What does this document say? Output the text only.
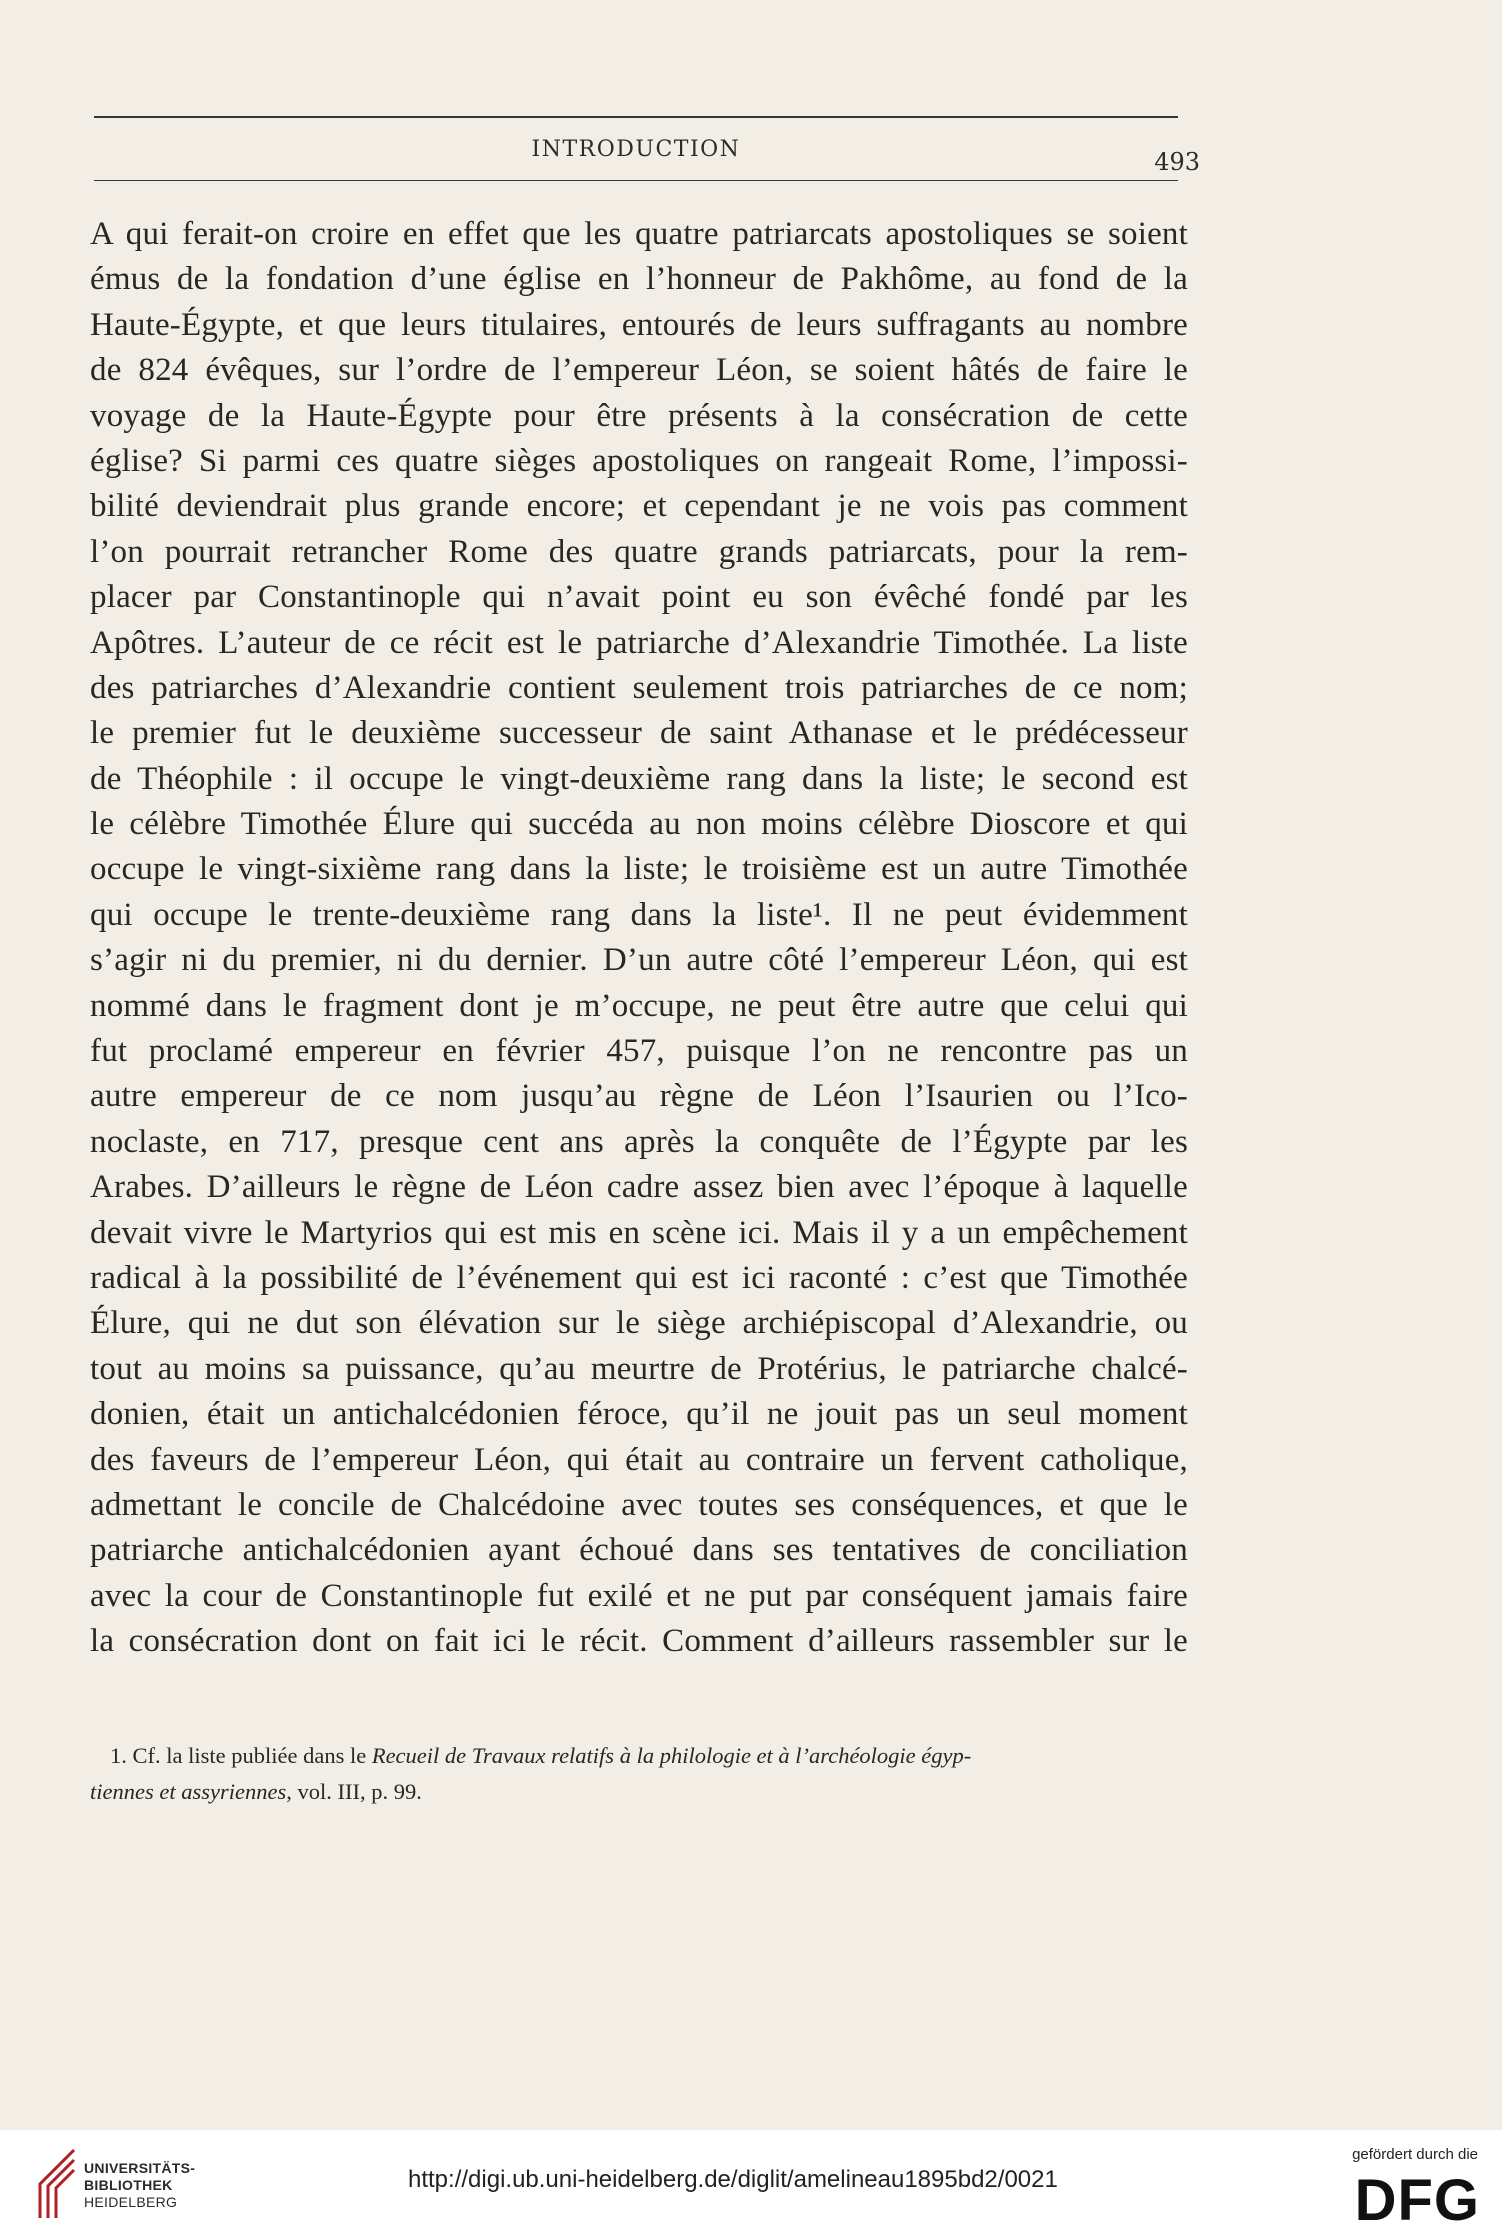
INTRODUCTION	493
A qui ferait-on croire en effet que les quatre patriarcats apostoliques se soient
émus de la fondation d’une église en l’honneur de Pakhôme, au fond de la
Haute-Égypte, et que leurs titulaires, entourés de leurs suffragants au nombre
de 824 évêques, sur l’ordre de l’empereur Léon, se soient hâtés de faire le
voyage de la Haute-Égypte pour être présents à la consécration de cette
église? Si parmi ces quatre sièges apostoliques on rangeait Rome, l’impossi-
bilité deviendrait plus grande encore; et cependant je ne vois pas comment
l’on pourrait retrancher Rome des quatre grands patriarcats, pour la rem-
placer par Constantinople qui n’avait point eu son évêché fondé par les
Apôtres. L’auteur de ce récit est le patriarche d’Alexandrie Timothée. La liste
des patriarches d’Alexandrie contient seulement trois patriarches de ce nom;
le premier fut le deuxième successeur de saint Athanase et le prédécesseur
de Théophile : il occupe le vingt-deuxième rang dans la liste; le second est
le célèbre Timothée Élure qui succéda au non moins célèbre Dioscore et qui
occupe le vingt-sixième rang dans la liste; le troisième est un autre Timothée
qui occupe le trente-deuxième rang dans la liste¹. Il ne peut évidemment
s’agir ni du premier, ni du dernier. D’un autre côté l’empereur Léon, qui est
nommé dans le fragment dont je m’occupe, ne peut être autre que celui qui
fut proclamé empereur en février 457, puisque l’on ne rencontre pas un
autre empereur de ce nom jusqu’au règne de Léon l’Isaurien ou l’Ico-
noclaste, en 717, presque cent ans après la conquête de l’Égypte par les
Arabes. D’ailleurs le règne de Léon cadre assez bien avec l’époque à laquelle
devait vivre le Martyrios qui est mis en scène ici. Mais il y a un empêchement
radical à la possibilité de l’événement qui est ici raconté : c’est que Timothée
Élure, qui ne dut son élévation sur le siège archiépiscopal d’Alexandrie, ou
tout au moins sa puissance, qu’au meurtre de Protérius, le patriarche chalcé-
donien, était un antichalcédonien féroce, qu’il ne jouit pas un seul moment
des faveurs de l’empereur Léon, qui était au contraire un fervent catholique,
admettant le concile de Chalcédoine avec toutes ses conséquences, et que le
patriarche antichalcédonien ayant échoué dans ses tentatives de conciliation
avec la cour de Constantinople fut exilé et ne put par conséquent jamais faire
la consécration dont on fait ici le récit. Comment d’ailleurs rassembler sur le
1. Cf. la liste publiée dans le Recueil de Travaux relatifs à la philologie et à l’archéologie égyp-
tiennes et assyriennes, vol. III, p. 99.
UNIVERSITÄTS-
BIBLIOTHEK
HEIDELBERG
http://digi.ub.uni-heidelberg.de/diglit/amelineau1895bd2/0021
gefördert durch die
DFG
